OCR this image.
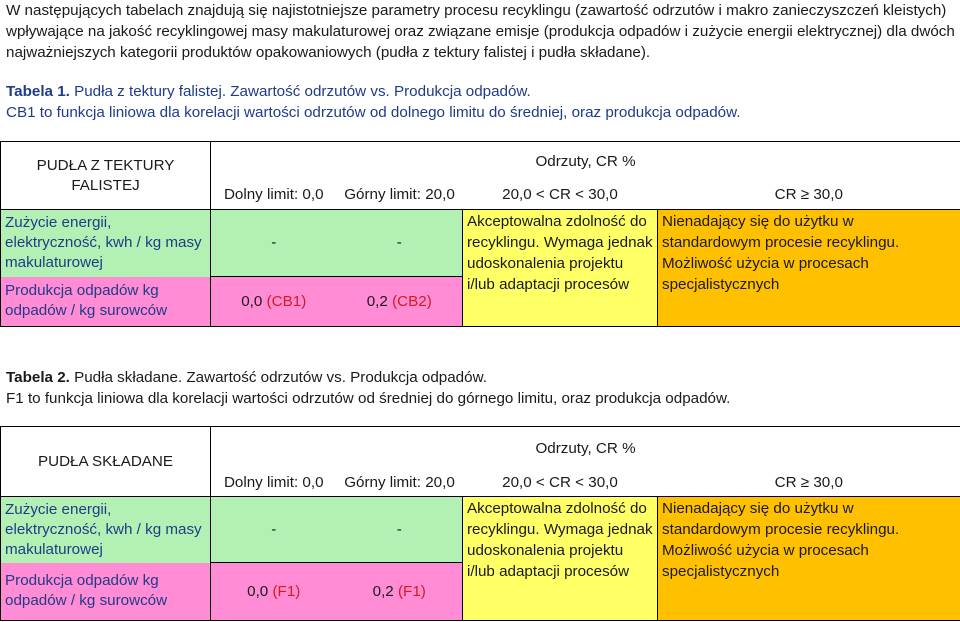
W następujących tabelach znajdują się najistotniejsze parametry procesu recyklingu (zawartość odrzutów i makro zanieczyszczeń kleistych) wpływające na jakość recyklingowej masy makulaturowej oraz związane emisje (produkcja odpadów i zużycie energii elektrycznej) dla dwóch najważniejszych kategorii produktów opakowaniowych (pudła z tektury falistej i pudła składane).

Tabela 1. Pudła z tektury falistej. Zawartość odrzutów vs. Produkcja odpadów.

CB1 to funkcja liniowa dla korelacji wartości odrzutów od dolnego limitu do średniej, oraz produkcja odpadów.

PUDŁA Z TEKTURY FALISTEJ	Odrzuty, CR %			
	Dolny limit: 0,0	Górny limit: 20,0	20,0 < CR < 30,0	CR ≥ 30,0
Zużycie energii, elektryczność, kwh / kg masy makulaturowej	-	-	Akceptowalna zdolność do recyklingu. Wymaga jednak udoskonalenia projektu i/lub adaptacji procesów	Nienadający się do użytku w standardowym procesie recyklingu. Możliwość użycia w procesach specjalistycznych
Produkcja odpadów kg odpadów / kg surowców	0,0 (CB1)	0,2 (CB2)		

Tabela 2. Pudła składane. Zawartość odrzutów vs. Produkcja odpadów.

F1 to funkcja liniowa dla korelacji wartości odrzutów od średniej do górnego limitu, oraz produkcja odpadów.

PUDŁA SKŁADANE	Odrzuty, CR %			
	Dolny limit: 0,0	Górny limit: 20,0	20,0 < CR < 30,0	CR ≥ 30,0
Zużycie energii, elektryczność, kwh / kg masy makulaturowej	-	-	Akceptowalna zdolność do recyklingu. Wymaga jednak udoskonalenia projektu i/lub adaptacji procesów	Nienadający się do użytku w standardowym procesie recyklingu. Możliwość użycia w procesach specjalistycznych
Produkcja odpadów kg odpadów / kg surowców	0,0 (F1)	0,2 (F1)		
